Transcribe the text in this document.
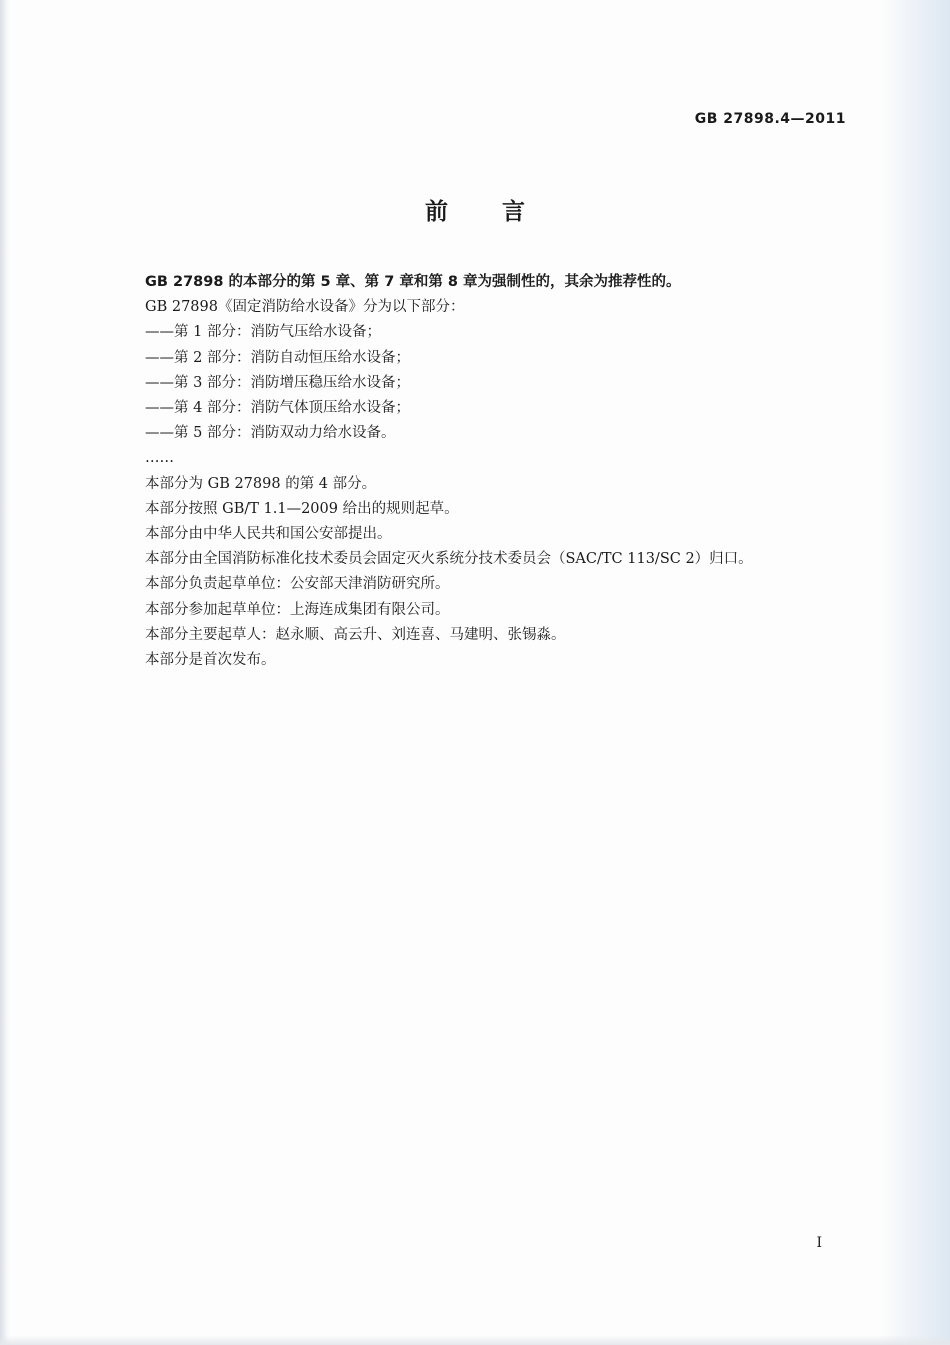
GB 27898.4—2011
前言

GB 27898 的本部分的第 5 章、第 7 章和第 8 章为强制性的，其余为推荐性的。

GB 27898《固定消防给水设备》分为以下部分：

——第 1 部分：消防气压给水设备；

——第 2 部分：消防自动恒压给水设备；

——第 3 部分：消防增压稳压给水设备；

——第 4 部分：消防气体顶压给水设备；

——第 5 部分：消防双动力给水设备。

……

本部分为 GB 27898 的第 4 部分。

本部分按照 GB/T 1.1—2009 给出的规则起草。

本部分由中华人民共和国公安部提出。

本部分由全国消防标准化技术委员会固定灭火系统分技术委员会（SAC/TC 113/SC 2）归口。

本部分负责起草单位：公安部天津消防研究所。

本部分参加起草单位：上海连成集团有限公司。

本部分主要起草人：赵永顺、高云升、刘连喜、马建明、张锡淼。

本部分是首次发布。

I
